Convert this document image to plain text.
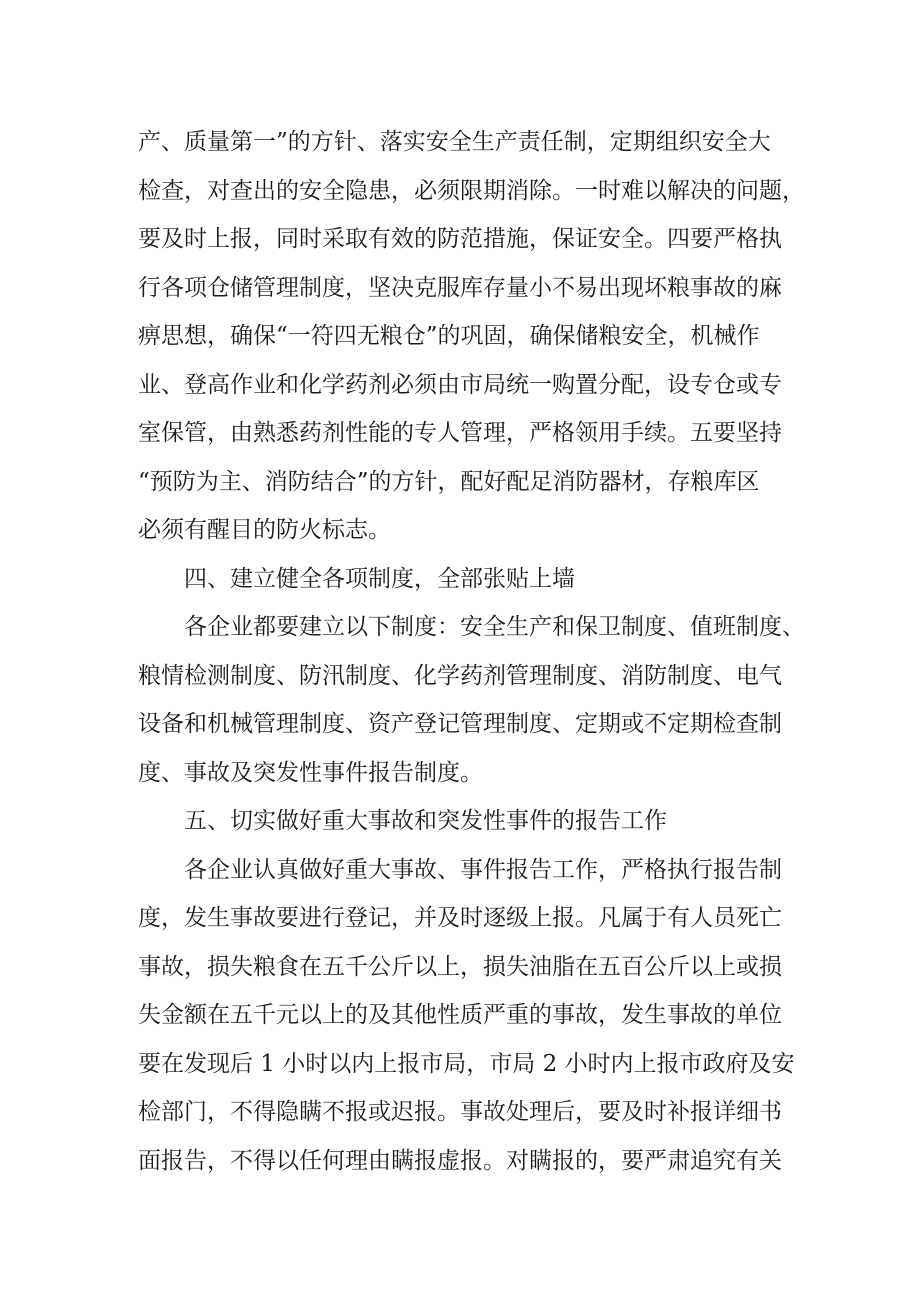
产、质量第一”的方针、落实安全生产责任制，定期组织安全大
检查，对查出的安全隐患，必须限期消除。一时难以解决的问题，
要及时上报，同时采取有效的防范措施，保证安全。四要严格执
行各项仓储管理制度，坚决克服库存量小不易出现坏粮事故的麻
痹思想，确保“一符四无粮仓”的巩固，确保储粮安全，机械作
业、登高作业和化学药剂必须由市局统一购置分配，设专仓或专
室保管，由熟悉药剂性能的专人管理，严格领用手续。五要坚持
“预防为主、消防结合”的方针，配好配足消防器材，存粮库区
必须有醒目的防火标志。
四、建立健全各项制度，全部张贴上墙
各企业都要建立以下制度：安全生产和保卫制度、值班制度、
粮情检测制度、防汛制度、化学药剂管理制度、消防制度、电气
设备和机械管理制度、资产登记管理制度、定期或不定期检查制
度、事故及突发性事件报告制度。
五、切实做好重大事故和突发性事件的报告工作
各企业认真做好重大事故、事件报告工作，严格执行报告制
度，发生事故要进行登记，并及时逐级上报。凡属于有人员死亡
事故，损失粮食在五千公斤以上，损失油脂在五百公斤以上或损
失金额在五千元以上的及其他性质严重的事故，发生事故的单位
要在发现后 1 小时以内上报市局，市局 2 小时内上报市政府及安
检部门，不得隐瞒不报或迟报。事故处理后，要及时补报详细书
面报告，不得以任何理由瞒报虚报。对瞒报的，要严肃追究有关
